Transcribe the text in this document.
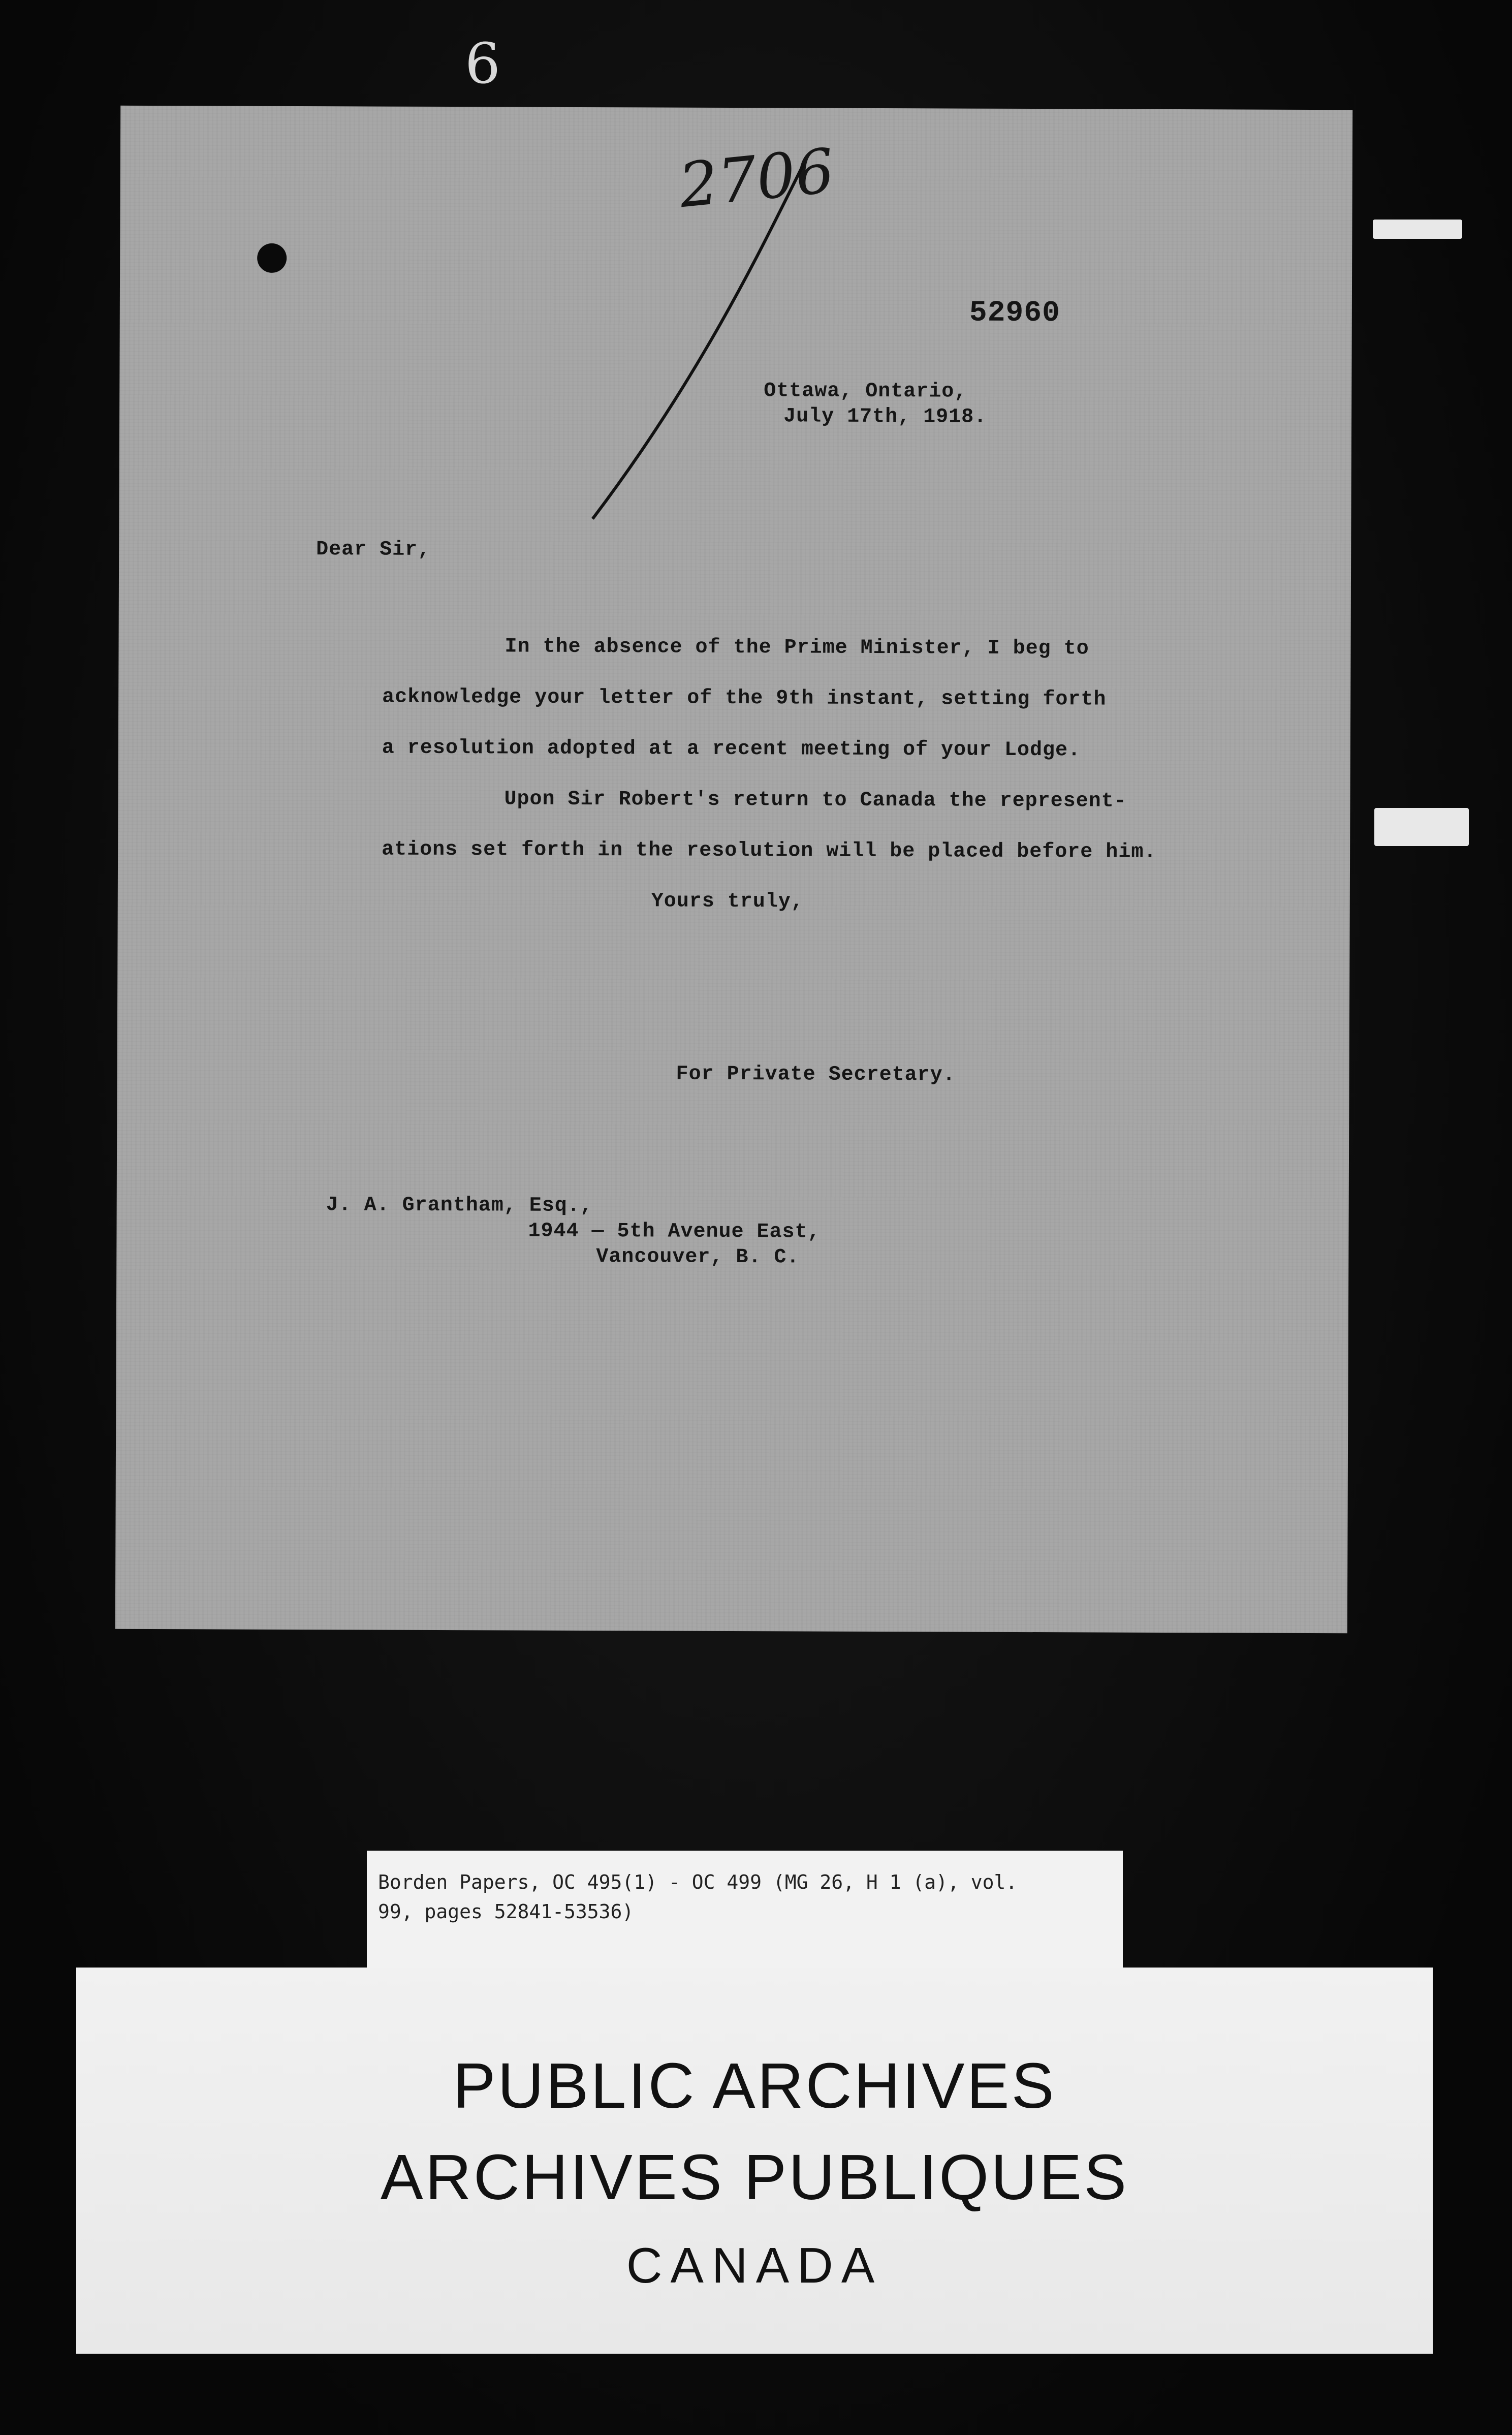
6
2706
52960
Ottawa, Ontario,
July 17th, 1918.
Dear Sir,
In the absence of the Prime Minister, I beg to
acknowledge your letter of the 9th instant, setting forth
a resolution adopted at a recent meeting of your Lodge.
Upon Sir Robert's return to Canada the represent-
ations set forth in the resolution will be placed before him.
Yours truly,
For Private Secretary.
J. A. Grantham, Esq.,
1944 — 5th Avenue East,
Vancouver, B. C.
Borden Papers, OC 495(1) - OC 499 (MG 26, H 1 (a), vol.
99, pages 52841-53536)
PUBLIC ARCHIVES
ARCHIVES PUBLIQUES
CANADA
